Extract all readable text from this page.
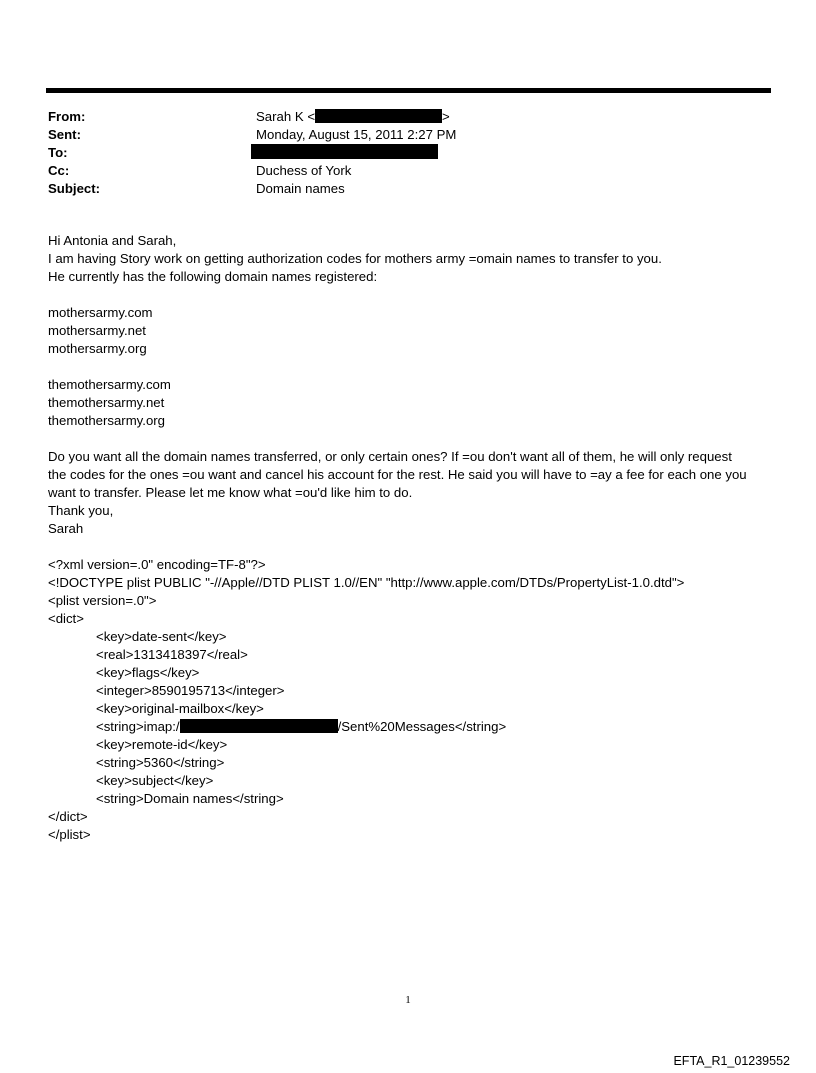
From:	Sarah K <	>
Sent:	Monday, August 15, 2011 2:27 PM
To:
Cc:	Duchess of York
Subject:	Domain names
Hi Antonia and Sarah,
I am having Story work on getting authorization codes for mothers army =omain names to transfer to you.
He currently has the following domain names registered:
mothersarmy.com
mothersarmy.net
mothersarmy.org
themothersarmy.com
themothersarmy.net
themothersarmy.org
Do you want all the domain names transferred, or only certain ones? If =ou don't want all of them, he will only request
the codes for the ones =ou want and cancel his account for the rest. He said you will have to =ay a fee for each one you
want to transfer. Please let me know what =ou'd like him to do.
Thank you,
Sarah
<?xml version=.0" encoding=TF-8"?>
<!DOCTYPE plist PUBLIC "-//Apple//DTD PLIST 1.0//EN" "http://www.apple.com/DTDs/PropertyList-1.0.dtd">
<plist version=.0">
<dict>
<key>date-sent</key>
<real>1313418397</real>
<key>flags</key>
<integer>8590195713</integer>
<key>original-mailbox</key>
<string>imap:/	/Sent%20Messages</string>
<key>remote-id</key>
<string>5360</string>
<key>subject</key>
<string>Domain names</string>
</dict>
</plist>
1
EFTA_R1_01239552
